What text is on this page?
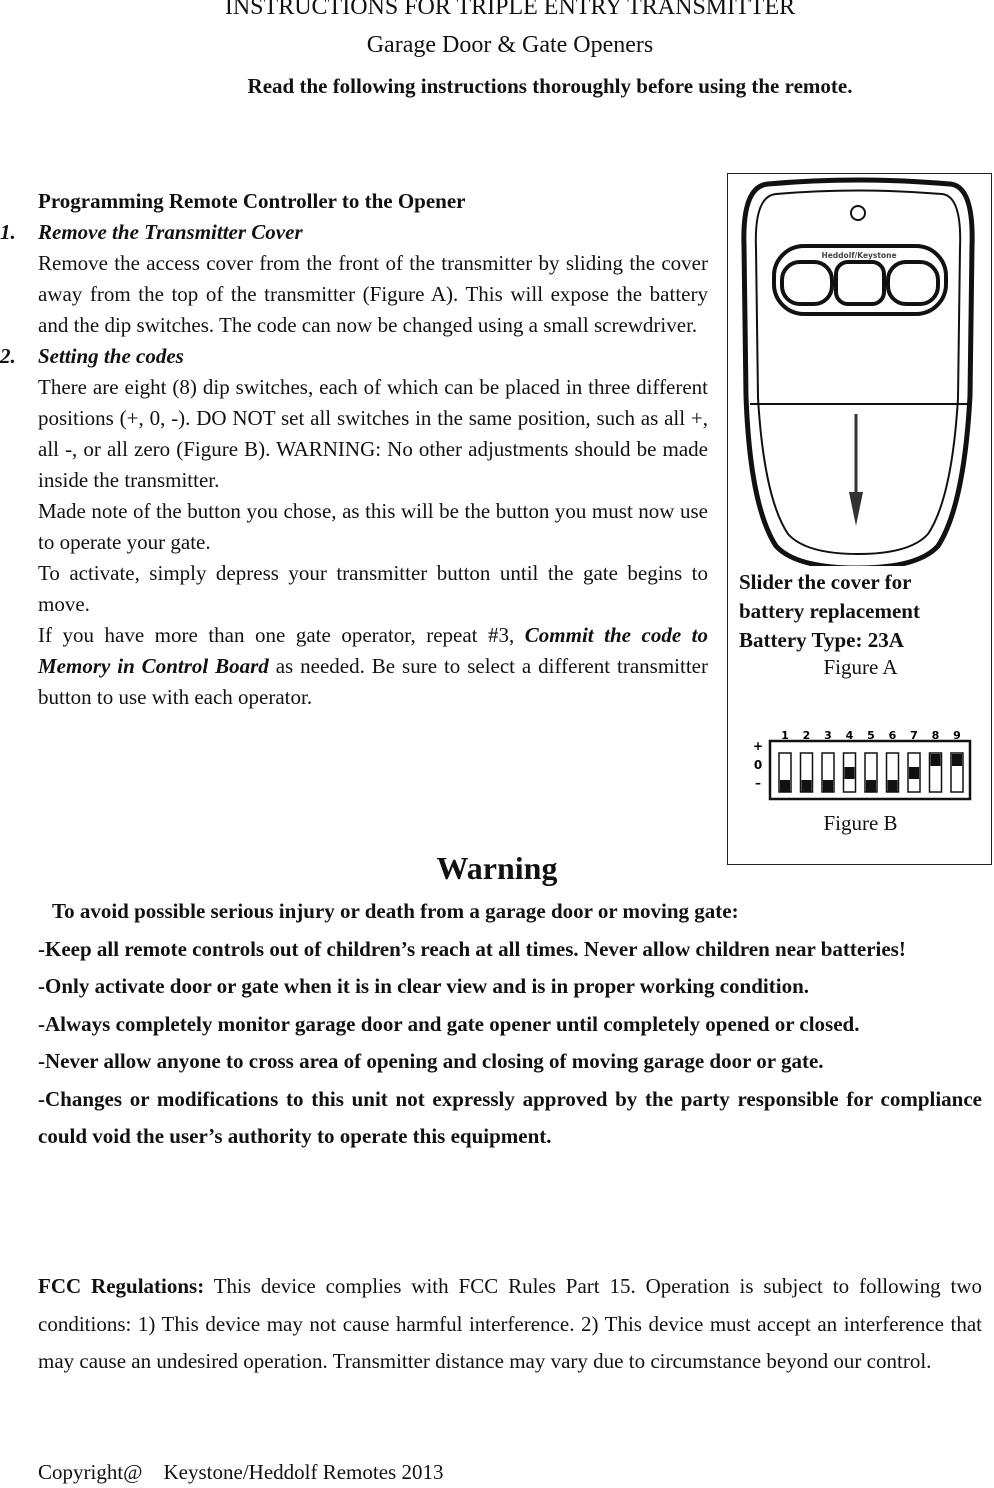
INSTRUCTIONS FOR TRIPLE ENTRY TRANSMITTER
Garage Door & Gate Openers
Read the following instructions thoroughly before using the remote.

Programming Remote Controller to the Opener

1. Remove the Transmitter Cover

Remove the access cover from the front of the transmitter by sliding the cover away from the top of the transmitter (Figure A). This will expose the battery and the dip switches. The code can now be changed using a small screwdriver.

2. Setting the codes

There are eight (8) dip switches, each of which can be placed in three different positions (+, 0, -). DO NOT set all switches in the same position, such as all +, all -, or all zero (Figure B). WARNING: No other adjustments should be made inside the transmitter.

Made note of the button you chose, as this will be the button you must now use to operate your gate.

To activate, simply depress your transmitter button until the gate begins to move.

If you have more than one gate operator, repeat #3, Commit the code to Memory in Control Board as needed. Be sure to select a different transmitter button to use with each operator.

Heddolf/Keystone
Slider the cover for
battery replacement
Battery Type: 23A
Figure A
+
0
–
1 2 3 4 5 6 7 8 9
Figure B
Warning

To avoid possible serious injury or death from a garage door or moving gate:

-Keep all remote controls out of children’s reach at all times. Never allow children near batteries!

-Only activate door or gate when it is in clear view and is in proper working condition.

-Always completely monitor garage door and gate opener until completely opened or closed.

-Never allow anyone to cross area of opening and closing of moving garage door or gate.

-Changes or modifications to this unit not expressly approved by the party responsible for compliance could void the user’s authority to operate this equipment.

FCC Regulations: This device complies with FCC Rules Part 15. Operation is subject to following two conditions: 1) This device may not cause harmful interference. 2) This device must accept an interference that may cause an undesired operation. Transmitter distance may vary due to circumstance beyond our control.

Copyright@    Keystone/Heddolf Remotes 2013
